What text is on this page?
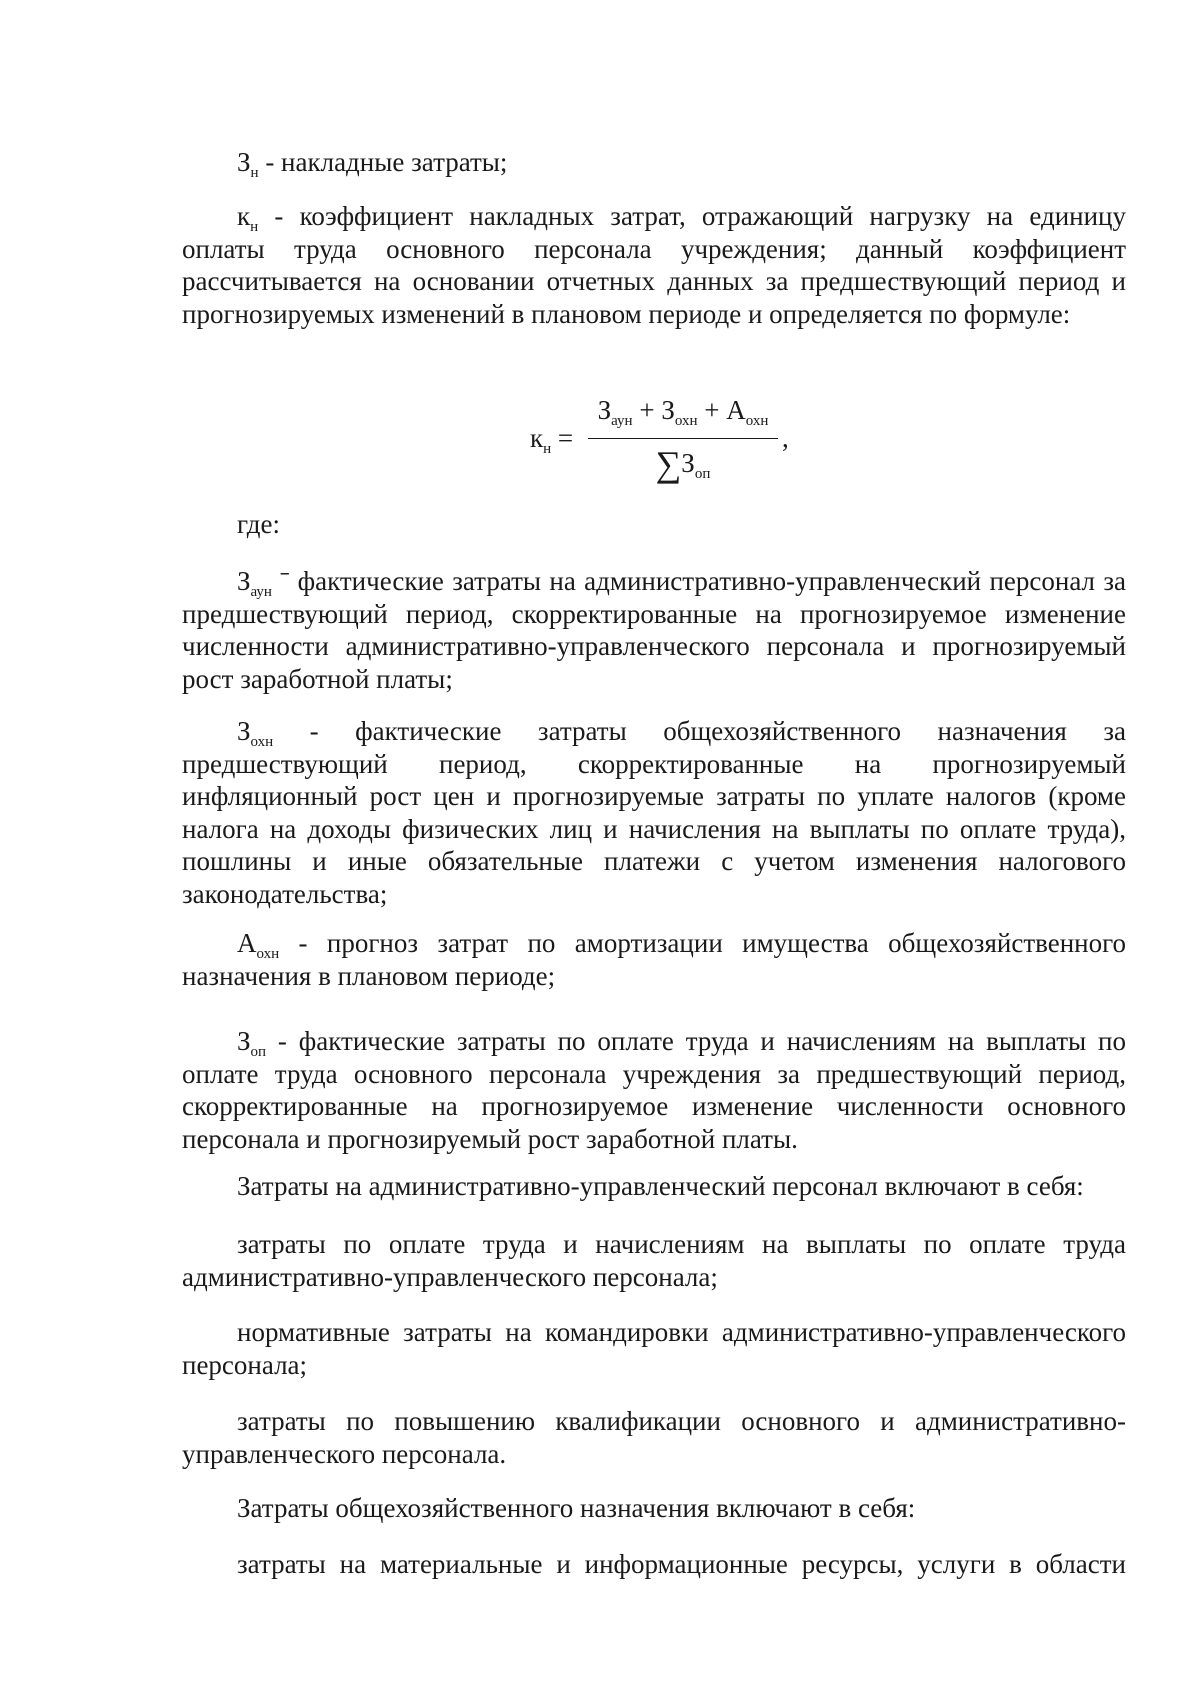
$З_н$ - накладные затраты;

$к_н$ - коэффициент накладных затрат, отражающий нагрузку на единицу оплаты труда основного персонала учреждения; данный коэффициент рассчитывается на основании отчетных данных за предшествующий период и прогнозируемых изменений в плановом периоде и определяется по формуле:

$к_н$ =
$З_{аун} + З_{охн} + А_{охн}$
$\sum З_{оп}$
,

где:

$З_{аун}$ ˉ фактические затраты на административно-управленческий персонал за предшествующий период, скорректированные на прогнозируемое изменение численности административно-управленческого персонала и прогнозируемый рост заработной платы;

$З_{охн}$ - фактические затраты общехозяйственного назначения за предшествующий период, скорректированные на прогнозируемый инфляционный рост цен и прогнозируемые затраты по уплате налогов (кроме налога на доходы физических лиц и начисления на выплаты по оплате труда), пошлины и иные обязательные платежи с учетом изменения налогового законодательства;

$А_{охн}$ - прогноз затрат по амортизации имущества общехозяйственного назначения в плановом периоде;

$З_{оп}$ - фактические затраты по оплате труда и начислениям на выплаты по оплате труда основного персонала учреждения за предшествующий период, скорректированные на прогнозируемое изменение численности основного персонала и прогнозируемый рост заработной платы.

Затраты на административно-управленческий персонал включают в себя:

затраты по оплате труда и начислениям на выплаты по оплате труда административно-управленческого персонала;

нормативные затраты на командировки административно-управленческого персонала;

затраты по повышению квалификации основного и административно-управленческого персонала.

Затраты общехозяйственного назначения включают в себя:

затраты на материальные и информационные ресурсы, услуги в области
